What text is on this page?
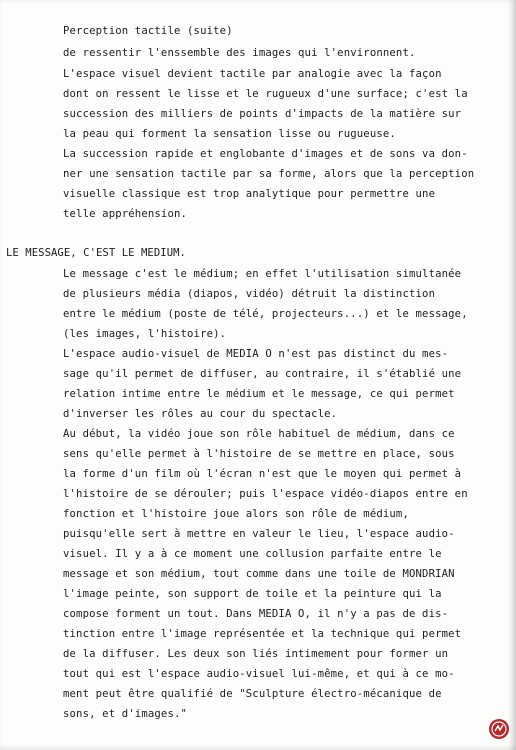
Perception tactile (suite)
de ressentir l'enssemble des images qui l'environnent.
L'espace visuel devient tactile par analogie avec la façon
dont on ressent le lisse et le rugueux d'une surface; c'est la
succession des milliers de points d'impacts de la matière sur
la peau qui forment la sensation lisse ou rugueuse.
La succession rapide et englobante d'images et de sons va don-
ner une sensation tactile par sa forme, alors que la perception
visuelle classique est trop analytique pour permettre une
telle appréhension.
LE MESSAGE, C'EST LE MEDIUM.
Le message c'est le médium; en effet l'utilisation simultanée
de plusieurs média (diapos, vidéo) détruit la distinction
entre le médium (poste de télé, projecteurs...) et le message,
(les images, l'histoire).
L'espace audio-visuel de MEDIA O n'est pas distinct du mes-
sage qu'il permet de diffuser, au contraire, il s'établié une
relation intime entre le médium et le message, ce qui permet
d'inverser les rôles au cour du spectacle.
Au début, la vidéo joue son rôle habituel de médium, dans ce
sens qu'elle permet à l'histoire de se mettre en place, sous
la forme d'un film où l'écran n'est que le moyen qui permet à
l'histoire de se dérouler; puis l'espace vidéo-diapos entre en
fonction et l'histoire joue alors son rôle de médium,
puisqu'elle sert à mettre en valeur le lieu, l'espace audio-
visuel. Il y a à ce moment une collusion parfaite entre le
message et son médium, tout comme dans une toile de MONDRIAN
l'image peinte, son support de toile et la peinture qui la
compose forment un tout. Dans MEDIA O, il n'y a pas de dis-
tinction entre l'image représentée et la technique qui permet
de la diffuser. Les deux son liés intimement pour former un
tout qui est l'espace audio-visuel lui-même, et qui à ce mo-
ment peut être qualifié de "Sculpture électro-mécanique de
sons, et d'images."
